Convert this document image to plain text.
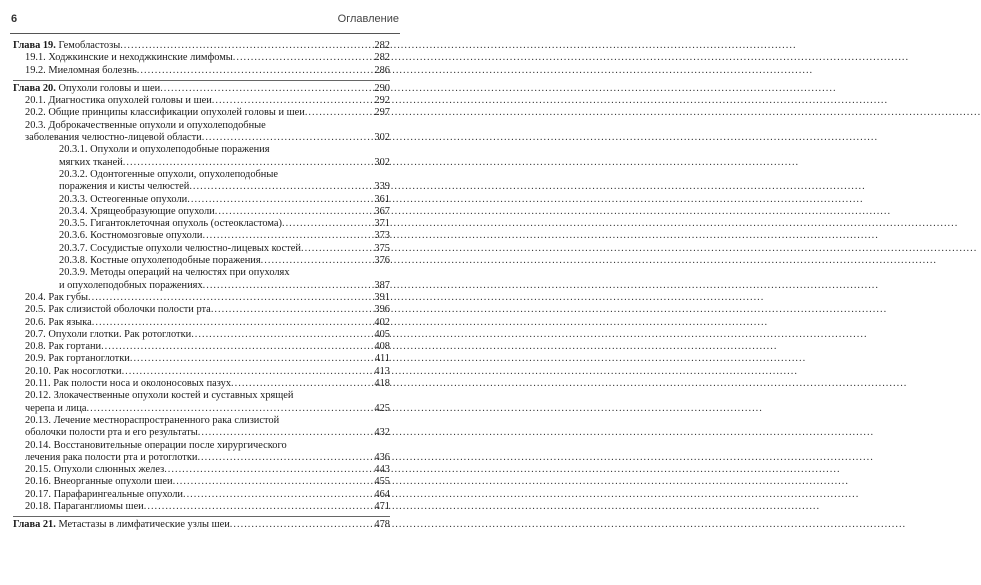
6	Оглавление
Глава 19. Гемобластозы .....	282
19.1. Ходжкинские и неходжкинские лимфомы .....	282
19.2. Миеломная болезнь .....	286
Глава 20. Опухоли головы и шеи .....	290
20.1. Диагностика опухолей головы и шеи .....	292
20.2. Общие принципы классификации опухолей головы и шеи .....	297
20.3. Доброкачественные опухоли и опухолеподобные
заболевания челюстно-лицевой области .....	302
20.3.1. Опухоли и опухолеподобные поражения
мягких тканей .....	302
20.3.2. Одонтогенные опухоли, опухолеподобные
поражения и кисты челюстей .....	339
20.3.3. Остеогенные опухоли .....	361
20.3.4. Хрящеобразующие опухоли .....	367
20.3.5. Гигантоклеточная опухоль (остеокластома) .....	371
20.3.6. Костномозговые опухоли .....	373
20.3.7. Сосудистые опухоли челюстно-лицевых костей .....	375
20.3.8. Костные опухолеподобные поражения .....	376
20.3.9. Методы операций на челюстях при опухолях
и опухолеподобных поражениях .....	387
20.4. Рак губы .....	391
20.5. Рак слизистой оболочки полости рта .....	396
20.6. Рак языка .....	402
20.7. Опухоли глотки. Рак ротоглотки .....	405
20.8. Рак гортани .....	408
20.9. Рак гортаноглотки .....	411
20.10. Рак носоглотки .....	413
20.11. Рак полости носа и околоносовых пазух .....	418
20.12. Злокачественные опухоли костей и суставных хрящей
черепа и лица .....	425
20.13. Лечение местнораспространенного рака слизистой
оболочки полости рта и его результаты .....	432
20.14. Восстановительные операции после хирургического
лечения рака полости рта и ротоглотки .....	436
20.15. Опухоли слюнных желез .....	443
20.16. Внеорганные опухоли шеи .....	455
20.17. Парафарингеальные опухоли .....	464
20.18. Параганглиомы шеи .....	471
Глава 21. Метастазы в лимфатические узлы шеи .....	478
